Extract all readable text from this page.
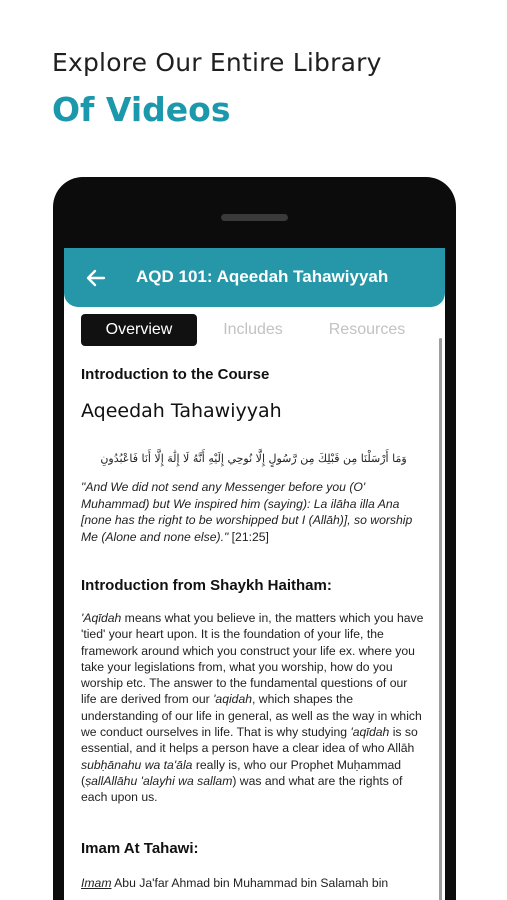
Explore Our Entire Library
Of Videos
AQD 101: Aqeedah Tahawiyyah
Overview	Includes	Resources
Introduction to the Course
Aqeedah Tahawiyyah
وَمَا أَرْسَلْنَا مِن قَبْلِكَ مِن رَّسُولٍ إِلَّا نُوحِي إِلَيْهِ أَنَّهُ لَا إِلَٰهَ إِلَّا أَنَا فَاعْبُدُونِ

"And We did not send any Messenger before you (O' Muhammad) but We inspired him (saying): La ilāha illa Ana [none has the right to be worshipped but I (Allāh)], so worship Me (Alone and none else)." [21:25]

Introduction from Shaykh Haitham:

'Aqīdah means what you believe in, the matters which you have 'tied' your heart upon. It is the foundation of your life, the framework around which you construct your life ex. where you take your legislations from, what you worship, how do you worship etc. The answer to the fundamental questions of our life are derived from our 'aqidah, which shapes the understanding of our life in general, as well as the way in which we conduct ourselves in life. That is why studying 'aqīdah is so essential, and it helps a person have a clear idea of who Allāh subḥānahu wa ta'āla really is, who our Prophet Muḥammad (ṣallAllāhu 'alayhi wa sallam) was and what are the rights of each upon us.

Imam At Tahawi:

Imam Abu Ja'far Ahmad bin Muhammad bin Salamah bin
